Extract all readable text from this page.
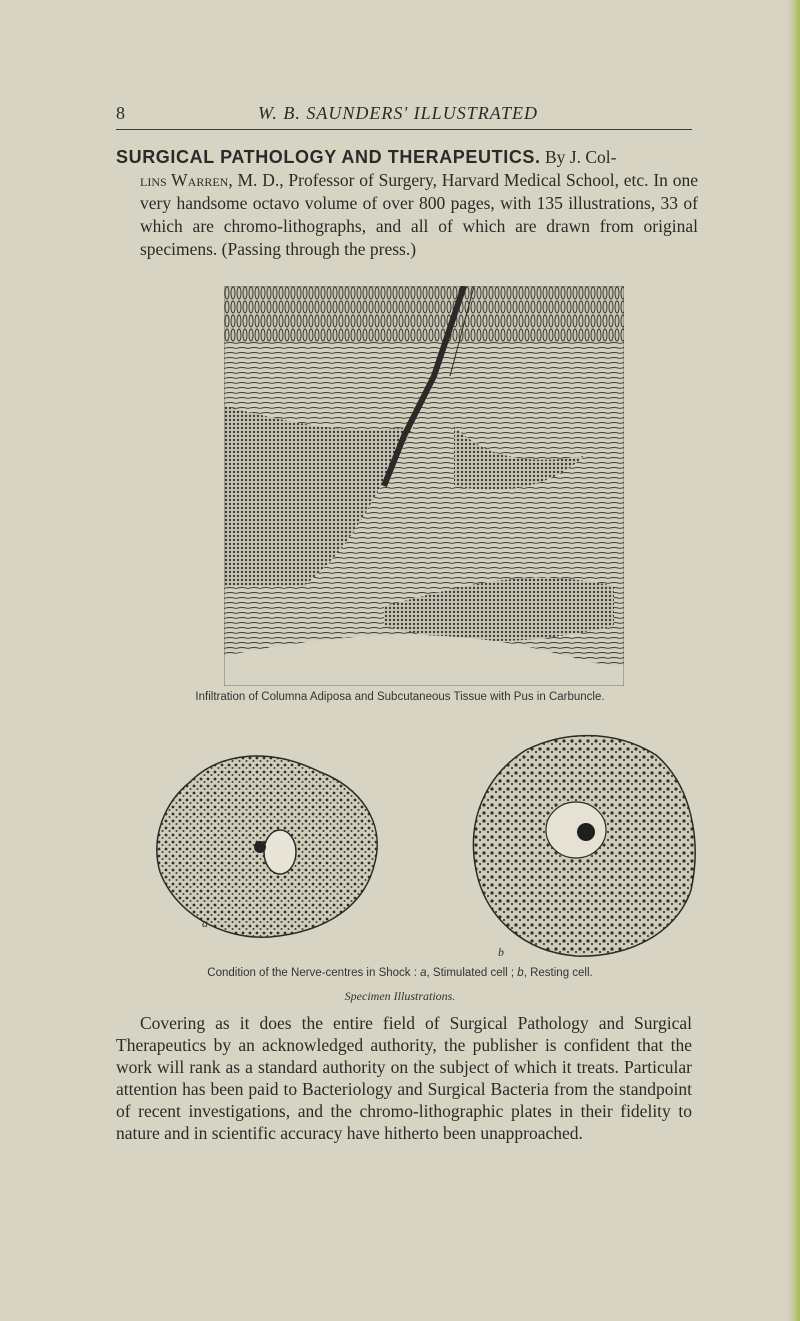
8	W. B. SAUNDERS' ILLUSTRATED
SURGICAL PATHOLOGY AND THERAPEUTICS. By J. Col-
lins Warren, M. D., Professor of Surgery, Harvard Medical School, etc. In one very handsome octavo volume of over 800 pages, with 135 illustrations, 33 of which are chromo-lithographs, and all of which are drawn from original specimens. (Passing through the press.)
Infiltration of Columna Adiposa and Subcutaneous Tissue with Pus in Carbuncle.
a
b
Condition of the Nerve-centres in Shock : a, Stimulated cell ; b, Resting cell.
Specimen Illustrations.
Covering as it does the entire field of Surgical Pathology and Surgical Therapeutics by an acknowledged authority, the publisher is confident that the work will rank as a standard authority on the subject of which it treats. Particular attention has been paid to Bacteriology and Surgical Bacteria from the standpoint of recent investigations, and the chromo-lithographic plates in their fidelity to nature and in scientific accuracy have hitherto been unapproached.
